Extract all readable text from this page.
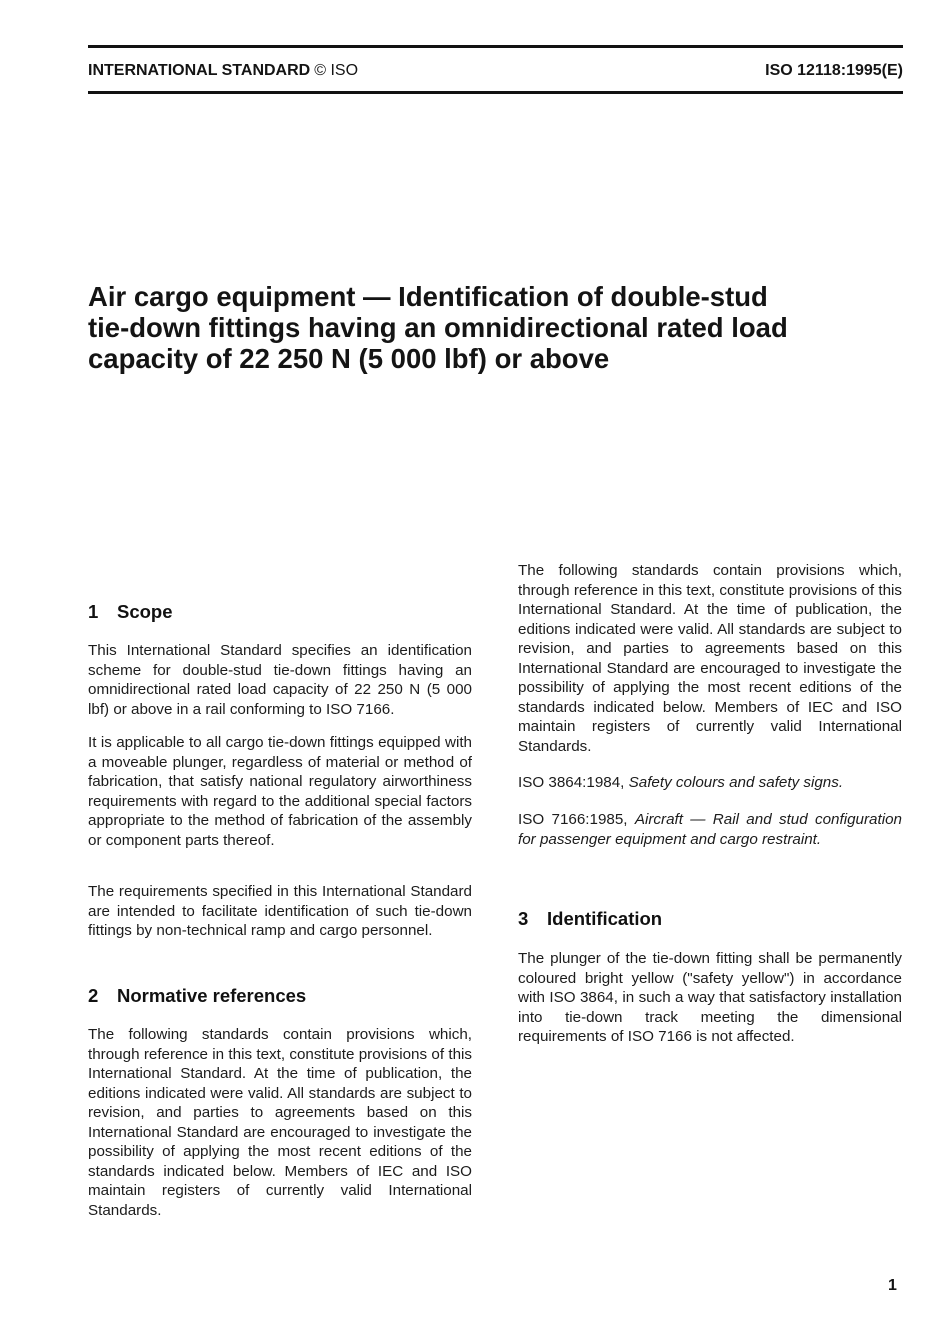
INTERNATIONAL STANDARD © ISO	ISO 12118:1995(E)
Air cargo equipment — Identification of double-stud
tie-down fittings having an omnidirectional rated load
capacity of 22 250 N (5 000 lbf) or above
1 Scope

This International Standard specifies an identification scheme for double-stud tie-down fittings having an omnidirectional rated load capacity of 22 250 N (5 000 lbf) or above in a rail conforming to ISO 7166.

It is applicable to all cargo tie-down fittings equipped with a moveable plunger, regardless of material or method of fabrication, that satisfy national regulatory airworthiness requirements with regard to the additional special factors appropriate to the method of fabrication of the assembly or component parts thereof.

The requirements specified in this International Standard are intended to facilitate identification of such tie-down fittings by non-technical ramp and cargo personnel.

2 Normative references

The following standards contain provisions which, through reference in this text, constitute provisions of this International Standard. At the time of publication, the editions indicated were valid. All standards are subject to revision, and parties to agreements based on this International Standard are encouraged to investigate the possibility of applying the most recent editions of the standards indicated below. Members of IEC and ISO maintain registers of currently valid International Standards.

The following standards contain provisions which, through reference in this text, constitute provisions of this International Standard. At the time of publication, the editions indicated were valid. All standards are subject to revision, and parties to agreements based on this International Standard are encouraged to investigate the possibility of applying the most recent editions of the standards indicated below. Members of IEC and ISO maintain registers of currently valid International Standards.

ISO 3864:1984, Safety colours and safety signs.

ISO 7166:1985, Aircraft — Rail and stud configuration for passenger equipment and cargo restraint.

3 Identification

The plunger of the tie-down fitting shall be permanently coloured bright yellow ("safety yellow") in accordance with ISO 3864, in such a way that satisfactory installation into tie-down track meeting the dimensional requirements of ISO 7166 is not affected.

1
